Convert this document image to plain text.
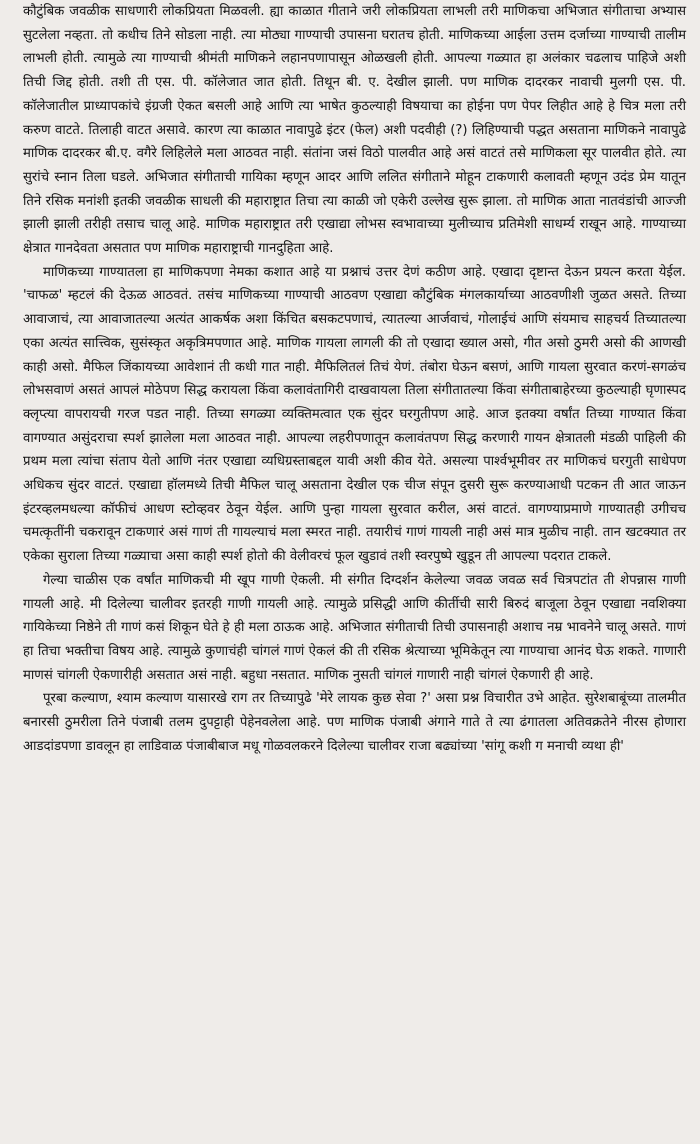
कौटुंबिक जवळीक साधणारी लोकप्रियता मिळवली. ह्या काळात गीताने जरी लोकप्रियता लाभली तरी माणिकचा अभिजात संगीताचा अभ्यास सुटलेला नव्हता. तो कधीच तिने सोडला नाही. त्या मोठ्या गाण्याची उपासना घरातच होती. माणिकच्या आईला उत्तम दर्जाच्या गाण्याची तालीम लाभली होती. त्यामुळे त्या गाण्याची श्रीमंती माणिकने लहानपणापासून ओळखली होती. आपल्या गळ्यात हा अलंकार चढलाच पाहिजे अशी तिची जिद्द होती. तशी ती एस. पी. कॉलेजात जात होती. तिथून बी. ए. देखील झाली. पण माणिक दादरकर नावाची मुलगी एस. पी. कॉलेजातील प्राध्यापकांचे इंग्रजी ऐकत बसली आहे आणि त्या भाषेत कुठल्याही विषयाचा का होईना पण पेपर लिहीत आहे हे चित्र मला तरी करुण वाटते. तिलाही वाटत असावे. कारण त्या काळात नावापुढे इंटर (फेल) अशी पदवीही (?) लिहिण्याची पद्धत असताना माणिकने नावापुढे माणिक दादरकर बी.ए. वगैरे लिहिलेले मला आठवत नाही. संतांना जसं विठो पालवीत आहे असं वाटतं तसे माणिकला सूर पालवीत होते. त्या सुरांचे स्नान तिला घडले. अभिजात संगीताची गायिका म्हणून आदर आणि ललित संगीताने मोहून टाकणारी कलावती म्हणून उदंड प्रेम यातून तिने रसिक मनांशी इतकी जवळीक साधली की महाराष्ट्रात तिचा त्या काळी जो एकेरी उल्लेख सुरू झाला. तो माणिक आता नातवंडांची आज्जी झाली झाली तरीही तसाच चालू आहे. माणिक महाराष्ट्रात तरी एखाद्या लोभस स्वभावाच्या मुलीच्याच प्रतिमेशी साधर्म्य राखून आहे. गाण्याच्या क्षेत्रात गानदेवता असतात पण माणिक महाराष्ट्राची गानदुहिता आहे.

माणिकच्या गाण्यातला हा माणिकपणा नेमका कशात आहे या प्रश्नाचं उत्तर देणं कठीण आहे. एखादा दृष्टान्त देऊन प्रयत्न करता येईल. 'चाफळ' म्हटलं की देऊळ आठवतं. तसंच माणिकच्या गाण्याची आठवण एखाद्या कौटुंबिक मंगलकार्याच्या आठवणीशी जुळत असते. तिच्या आवाजाचं, त्या आवाजातल्या अत्यंत आकर्षक अशा किंचित बसकटपणाचं, त्यातल्या आर्जवाचं, गोलाईचं आणि संयमाच साहचर्य तिच्यातल्या एका अत्यंत सात्त्विक, सुसंस्कृत अकृत्रिमपणात आहे. माणिक गायला लागली की तो एखादा ख्याल असो, गीत असो ठुमरी असो की आणखी काही असो. मैफिल जिंकायच्या आवेशानं ती कधी गात नाही. मैफिलितलं तिचं येणं. तंबोरा घेऊन बसणं, आणि गायला सुरवात करणं-सगळंच लोभसवाणं असतं आपलं मोठेपण सिद्ध करायला किंवा कलावंतागिरी दाखवायला तिला संगीतातल्या किंवा संगीताबाहेरच्या कुठल्याही घृणास्पद क्लृप्त्या वापरायची गरज पडत नाही. तिच्या सगळ्या व्यक्तिमत्वात एक सुंदर घरगुतीपण आहे. आज इतक्या वर्षांत तिच्या गाण्यात किंवा वागण्यात असुंदराचा स्पर्श झालेला मला आठवत नाही. आपल्या लहरीपणातून कलावंतपण सिद्ध करणारी गायन क्षेत्रातली मंडळी पाहिली की प्रथम मला त्यांचा संताप येतो आणि नंतर एखाद्या व्यधिग्रस्ताबद्दल यावी अशी कीव येते. असल्या पार्श्वभूमीवर तर माणिकचं घरगुती साधेपण अधिकच सुंदर वाटतं. एखाद्या हॉलमध्ये तिची मैफिल चालू असताना देखील एक चीज संपून दुसरी सुरू करण्याआधी पटकन ती आत जाऊन इंटरव्हलमधल्या कॉफीचं आधण स्टोव्हवर ठेवून येईल. आणि पुन्हा गायला सुरवात करील, असं वाटतं. वागण्याप्रमाणे गाण्यातही उगीचच चमत्कृतींनी चकरावून टाकणारं असं गाणं ती गायल्याचं मला स्मरत नाही. तयारीचं गाणं गायली नाही असं मात्र मुळीच नाही. तान खटक्यात तर एकेका सुराला तिच्या गळ्याचा असा काही स्पर्श होतो की वेलीवरचं फूल खुडावं तशी स्वरपुष्पे खुडून ती आपल्या पदरात टाकले.

गेल्या चाळीस एक वर्षांत माणिकची मी खूप गाणी ऐकली. मी संगीत दिग्दर्शन केलेल्या जवळ जवळ सर्व चित्रपटांत ती शेपन्नास गाणी गायली आहे. मी दिलेल्या चालीवर इतरही गाणी गायली आहे. त्यामुळे प्रसिद्धी आणि कीर्तीची सारी बिरुदं बाजूला ठेवून एखाद्या नवशिक्या गायिकेच्या निष्ठेने ती गाणं कसं शिकून घेते हे ही मला ठाऊक आहे. अभिजात संगीताची तिची उपासनाही अशाच नम्र भावनेने चालू असते. गाणं हा तिचा भक्तीचा विषय आहे. त्यामुळे कुणाचंही चांगलं गाणं ऐकलं की ती रसिक श्रेत्याच्या भूमिकेतून त्या गाण्याचा आनंद घेऊ शकते. गाणारी माणसं चांगली ऐकणारीही असतात असं नाही. बहुधा नसतात. माणिक नुसती चांगलं गाणारी नाही चांगलं ऐकणारी ही आहे.

पूरबा कल्याण, श्याम कल्याण यासारखे राग तर तिच्यापुढे 'मेरे लायक कुछ सेवा ?' असा प्रश्न विचारीत उभे आहेत. सुरेशबाबूंच्या तालमीत बनारसी ठुमरीला तिने पंजाबी तलम दुपट्टाही पेहेनवलेला आहे. पण माणिक पंजाबी अंगाने गाते ते त्या ढंगातला अतिवक्रतेने नीरस होणारा आडदांडपणा डावलून हा लाडिवाळ पंजाबीबाज मधू गोळवलकरने दिलेल्या चालीवर राजा बढ्यांच्या 'सांगू कशी ग मनाची व्यथा ही'
